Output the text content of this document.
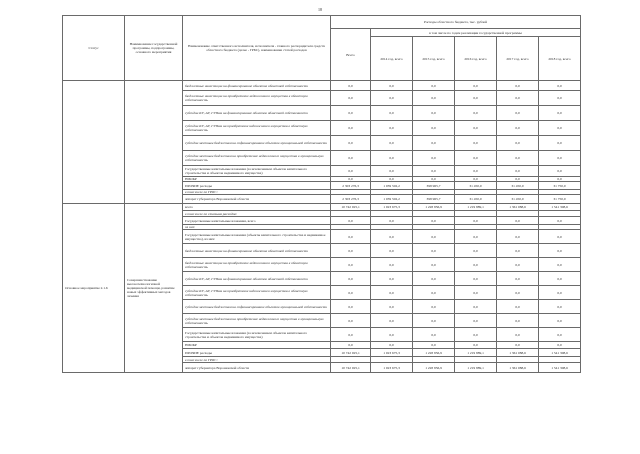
18
Статус	Наименование государственной программы, подпрограммы, основного мероприятия	Наименование ответственного исполнителя, исполнителя - главного распорядителя средств областного бюджета (далее - ГРБС), наименование статей расходов	Расходы областного бюджета, тыс. рублей					
			Всего	в том числе по годам реализации государственной программы				
				2014 год, всего	2015 год, всего	2016 год, всего	2017 год, всего	2018 год, всего
		бюджетные инвестиции на финансирование объектов областной собственности	0,0	0,0	0,0	0,0	0,0	0,0
		бюджетные инвестиции на приобретение недвижимого имущества в областную собственность	0,0	0,0	0,0	0,0	0,0	0,0
		субсидии КУ, АУ, ГУПам на финансирование объектов областной собственности	0,0	0,0	0,0	0,0	0,0	0,0
		субсидии КУ, АУ, ГУПам на приобретение недвижимого имущества в областную собственность	0,0	0,0	0,0	0,0	0,0	0,0
		субсидии местным бюджетам на софинансирование объектов муниципальной собственности	0,0	0,0	0,0	0,0	0,0	0,0
		субсидии местным бюджетам на приобретение недвижимого имущества в муниципальную собственность	0,0	0,0	0,0	0,0	0,0	0,0
		Государственные капитальные вложения (за исключением объектов капитального строительства и объектов недвижимого имущества)	0,0	0,0	0,0	0,0	0,0	0,0
		НИОКР	0,0	0,0	0,0	0,0	0,0	0,0
		ПРОЧИЕ расходы	2 303 276,3	1 039 502,2	398 965,7	31 450,0	31 450,0	31 750,0
		в том числе по ГРБС:						
		аппарат губернатора Воронежской области	2 303 276,3	1 039 502,2	398 965,7	31 450,0	31 450,0	31 750,0
Основное мероприятие 2.1.6	Совершенствование высокотехнологичной медицинской помощи, развитие новых эффективных методов лечения	всего	10 742 025,1	1 023 675,3	1 228 856,9	1 219 889,1	1 361 088,6	1 541 308,6
		в том числе по статьям расходов:						
		Государственные капитальные вложения, всего	0,0	0,0	0,0	0,0	0,0	0,0
		из них:						
		Государственные капитальные вложения (объекты капитального строительства и недвижимое имущество), из них:	0,0	0,0	0,0	0,0	0,0	0,0
		бюджетные инвестиции на финансирование объектов областной собственности	0,0	0,0	0,0	0,0	0,0	0,0
		бюджетные инвестиции на приобретение недвижимого имущества в областную собственность	0,0	0,0	0,0	0,0	0,0	0,0
		субсидии КУ, АУ, ГУПам на финансирование объектов областной собственности	0,0	0,0	0,0	0,0	0,0	0,0
		субсидии КУ, АУ, ГУПам на приобретение недвижимого имущества в областную собственность	0,0	0,0	0,0	0,0	0,0	0,0
		субсидии местным бюджетам на софинансирование объектов муниципальной собственности	0,0	0,0	0,0	0,0	0,0	0,0
		субсидии местным бюджетам на приобретение недвижимого имущества в муниципальную собственность	0,0	0,0	0,0	0,0	0,0	0,0
		Государственные капитальные вложения (за исключением объектов капитального строительства и объектов недвижимого имущества)	0,0	0,0	0,0	0,0	0,0	0,0
		НИОКР	0,0	0,0	0,0	0,0	0,0	0,0
		ПРОЧИЕ расходы	10 742 025,1	1 023 675,3	1 228 856,9	1 219 889,1	1 361 088,6	1 541 308,6
		в том числе по ГРБС:						
		аппарат губернатора Воронежской области	10 742 025,1	1 023 675,3	1 228 856,9	1 219 889,1	1 361 088,6	1 541 308,6
